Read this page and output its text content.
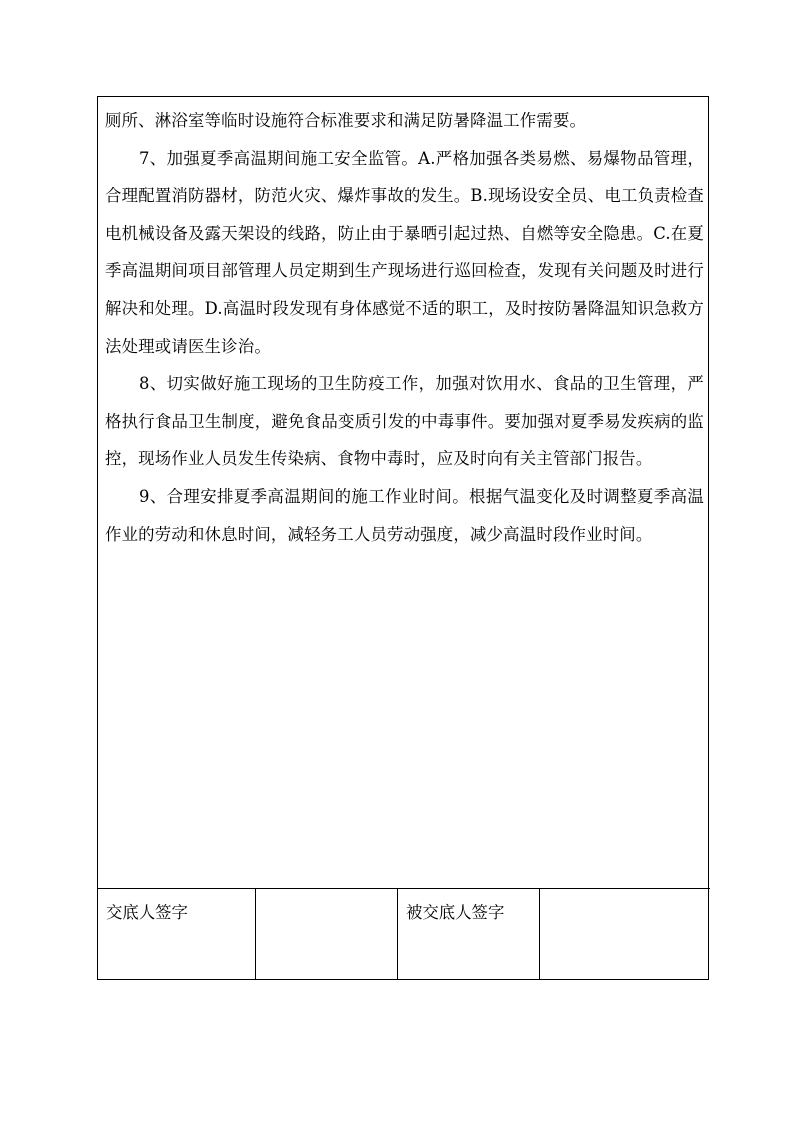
厕所、淋浴室等临时设施符合标准要求和满足防暑降温工作需要。

7、加强夏季高温期间施工安全监管。A.严格加强各类易燃、易爆物品管理，合理配置消防器材，防范火灾、爆炸事故的发生。B.现场设安全员、电工负责检查电机械设备及露天架设的线路，防止由于暴晒引起过热、自燃等安全隐患。C.在夏季高温期间项目部管理人员定期到生产现场进行巡回检查，发现有关问题及时进行解决和处理。D.高温时段发现有身体感觉不适的职工，及时按防暑降温知识急救方法处理或请医生诊治。

8、切实做好施工现场的卫生防疫工作，加强对饮用水、食品的卫生管理，严格执行食品卫生制度，避免食品变质引发的中毒事件。要加强对夏季易发疾病的监控，现场作业人员发生传染病、食物中毒时，应及时向有关主管部门报告。

9、合理安排夏季高温期间的施工作业时间。根据气温变化及时调整夏季高温作业的劳动和休息时间，减轻务工人员劳动强度，减少高温时段作业时间。

交底人签字	被交底人签字
